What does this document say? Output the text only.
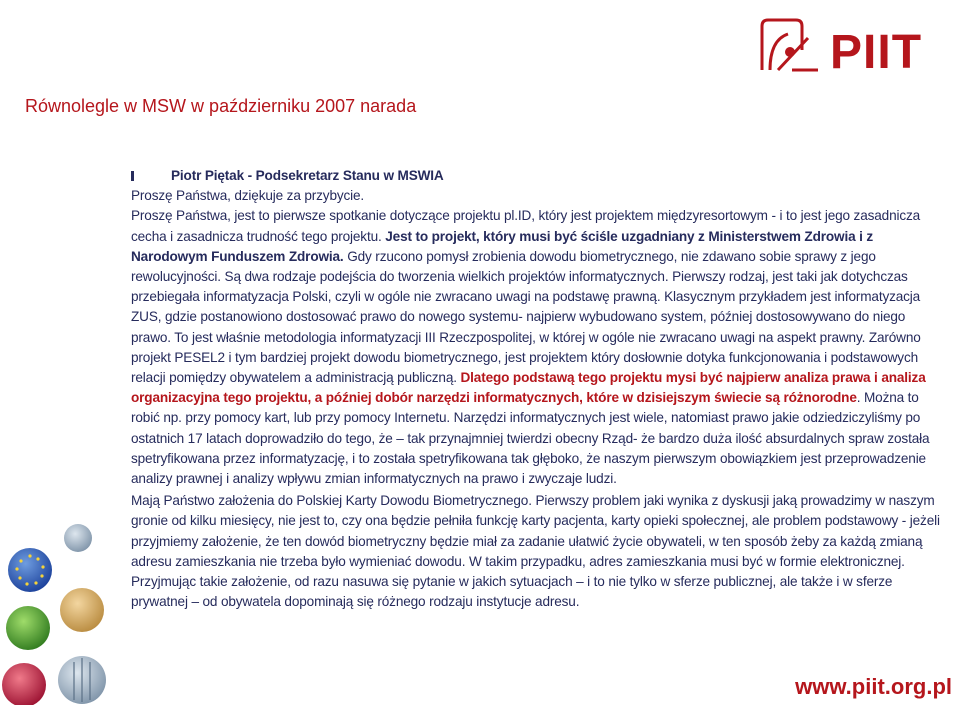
Równolegle w MSW w październiku 2007 narada
PIIT
Piotr Piętak - Podsekretarz Stanu w MSWIA

Proszę Państwa, dziękuje za przybycie.

Proszę Państwa, jest to pierwsze spotkanie dotyczące projektu pl.ID, który jest projektem międzyresortowym - i to jest jego zasadnicza cecha i zasadnicza trudność tego projektu. Jest to projekt, który musi być ściśle uzgadniany z Ministerstwem Zdrowia i z Narodowym Funduszem Zdrowia. Gdy rzucono pomysł zrobienia dowodu biometrycznego, nie zdawano sobie sprawy z jego rewolucyjności. Są dwa rodzaje podejścia do tworzenia wielkich projektów informatycznych. Pierwszy rodzaj, jest taki jak dotychczas przebiegała informatyzacja Polski, czyli w ogóle nie zwracano uwagi na podstawę prawną. Klasycznym przykładem jest informatyzacja ZUS, gdzie postanowiono dostosować prawo do nowego systemu- najpierw wybudowano system, później dostosowywano do niego prawo. To jest właśnie metodologia informatyzacji III Rzeczpospolitej, w której w ogóle nie zwracano uwagi na aspekt prawny. Zarówno projekt PESEL2 i tym bardziej projekt dowodu biometrycznego, jest projektem który dosłownie dotyka funkcjonowania i podstawowych relacji pomiędzy obywatelem a administracją publiczną. Dlatego podstawą tego projektu mysi być najpierw analiza prawa i analiza organizacyjna tego projektu, a później dobór narzędzi informatycznych, które w dzisiejszym świecie są różnorodne. Można to robić np. przy pomocy kart, lub przy pomocy Internetu. Narzędzi informatycznych jest wiele, natomiast prawo jakie odziedziczyliśmy po ostatnich 17 latach doprowadziło do tego, że – tak przynajmniej twierdzi obecny Rząd- że bardzo duża ilość absurdalnych spraw została spetryfikowana przez informatyzację, i to została spetryfikowana tak głęboko, że naszym pierwszym obowiązkiem jest przeprowadzenie analizy prawnej i analizy wpływu zmian informatycznych na prawo i zwyczaje ludzi.

Mają Państwo założenia do Polskiej Karty Dowodu Biometrycznego. Pierwszy problem jaki wynika z dyskusji jaką prowadzimy w naszym gronie od kilku miesięcy, nie jest to, czy ona będzie pełniła funkcję karty pacjenta, karty opieki społecznej, ale problem podstawowy - jeżeli przyjmiemy założenie, że ten dowód biometryczny będzie miał za zadanie ułatwić życie obywateli, w ten sposób żeby za każdą zmianą adresu zamieszkania nie trzeba było wymieniać dowodu. W takim przypadku, adres zamieszkania musi być w formie elektronicznej. Przyjmując takie założenie, od razu nasuwa się pytanie w jakich sytuacjach – i to nie tylko w sferze publicznej, ale także i w sferze prywatnej – od obywatela dopominają się różnego rodzaju instytucje adresu.

www.piit.org.pl
